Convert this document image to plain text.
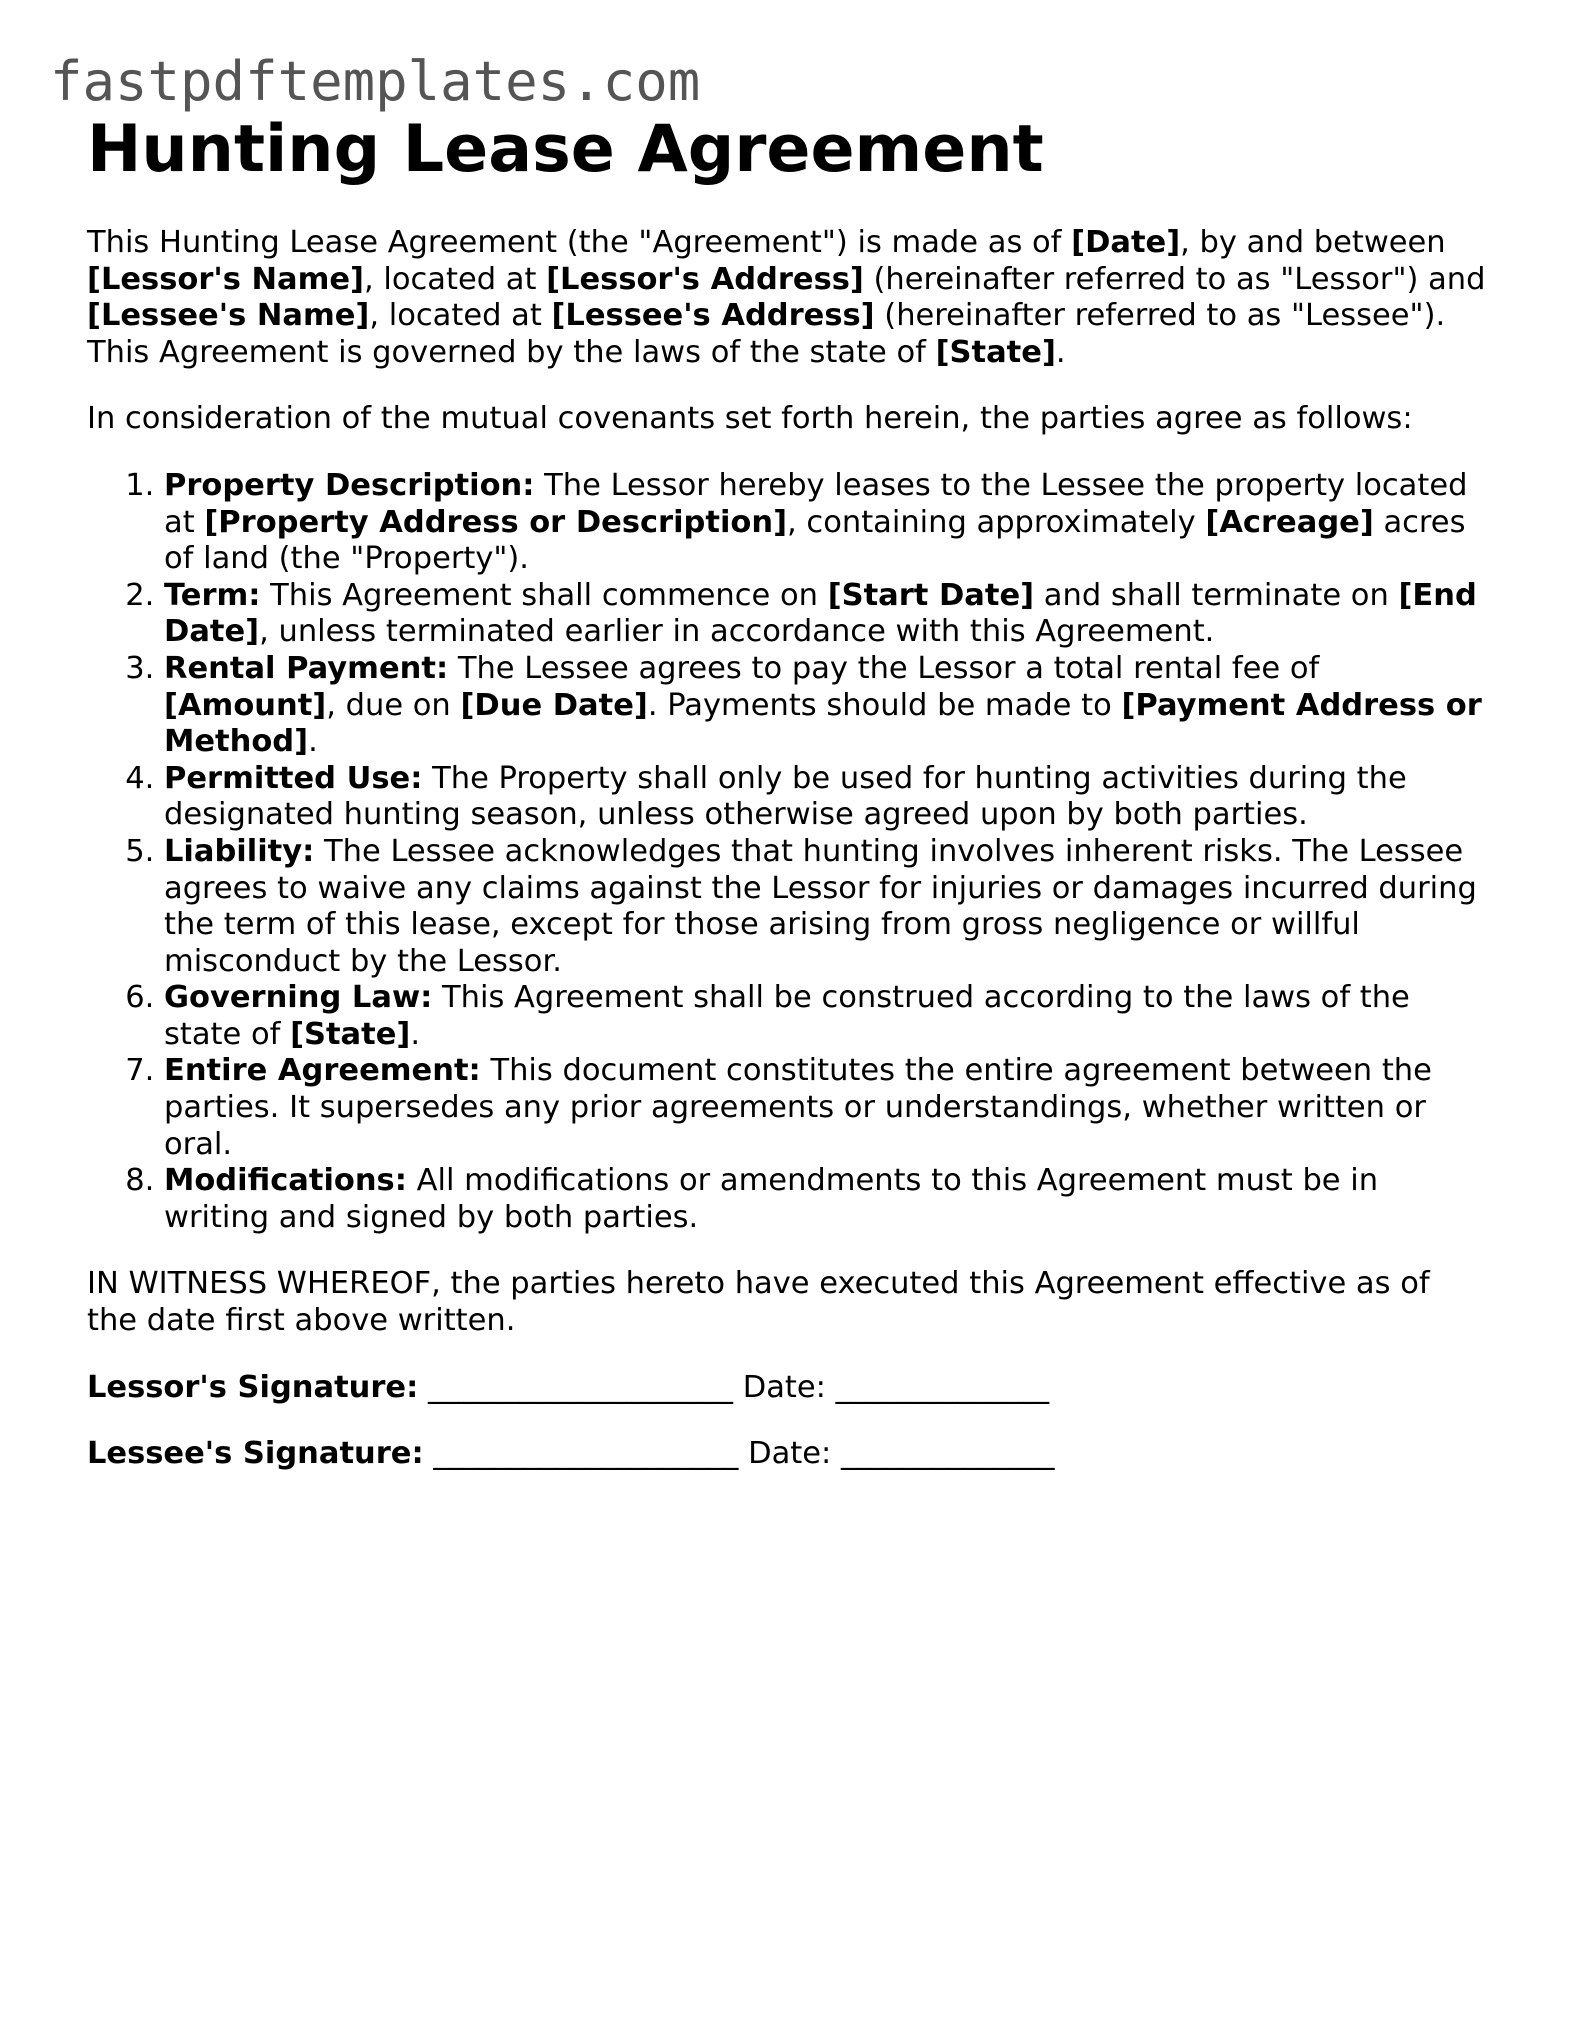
fastpdftemplates.com
Hunting Lease Agreement

This Hunting Lease Agreement (the "Agreement") is made as of [Date], by and between [Lessor's Name], located at [Lessor's Address] (hereinafter referred to as "Lessor") and [Lessee's Name], located at [Lessee's Address] (hereinafter referred to as "Lessee"). This Agreement is governed by the laws of the state of [State].

In consideration of the mutual covenants set forth herein, the parties agree as follows:

1. Property Description: The Lessor hereby leases to the Lessee the property located at [Property Address or Description], containing approximately [Acreage] acres of land (the "Property").
2. Term: This Agreement shall commence on [Start Date] and shall terminate on [End Date], unless terminated earlier in accordance with this Agreement.
3. Rental Payment: The Lessee agrees to pay the Lessor a total rental fee of [Amount], due on [Due Date]. Payments should be made to [Payment Address or Method].
4. Permitted Use: The Property shall only be used for hunting activities during the designated hunting season, unless otherwise agreed upon by both parties.
5. Liability: The Lessee acknowledges that hunting involves inherent risks. The Lessee agrees to waive any claims against the Lessor for injuries or damages incurred during the term of this lease, except for those arising from gross negligence or willful misconduct by the Lessor.
6. Governing Law: This Agreement shall be construed according to the laws of the state of [State].
7. Entire Agreement: This document constitutes the entire agreement between the parties. It supersedes any prior agreements or understandings, whether written or oral.
8. Modifications: All modifications or amendments to this Agreement must be in writing and signed by both parties.

IN WITNESS WHEREOF, the parties hereto have executed this Agreement effective as of the date first above written.

Lessor's Signature: ____________________ Date: ______________
Lessee's Signature: ____________________ Date: ______________
